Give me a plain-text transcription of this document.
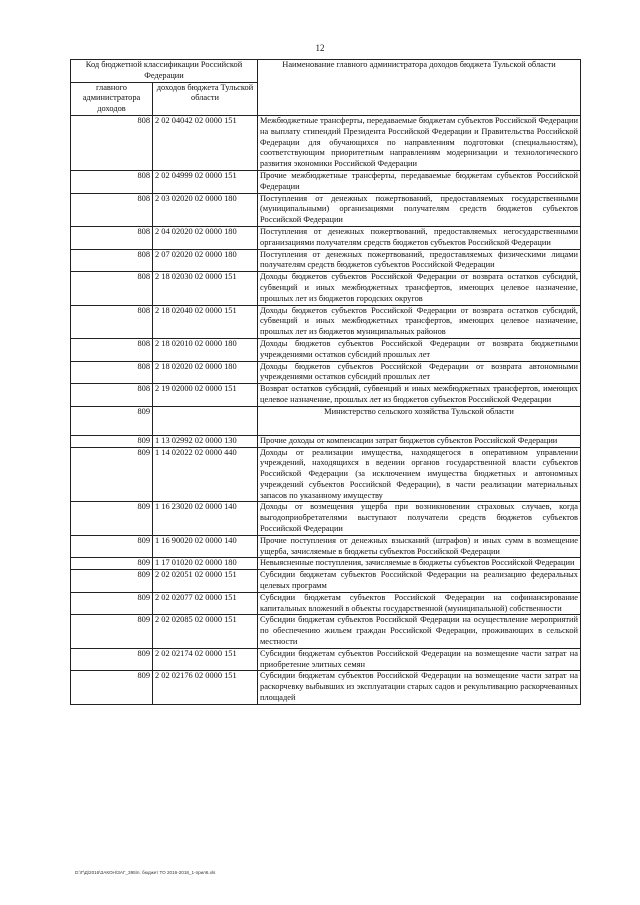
12
Код бюджетной классификации Российской Федерации		Наименование главного администратора доходов бюджета Тульской области
главного администратора доходов	доходов бюджета Тульской области	
808	2 02 04042 02 0000 151	Межбюджетные трансферты, передаваемые бюджетам субъектов Российской Федерации на выплату стипендий Президента Российской Федерации и Правительства Российской Федерации для обучающихся по направлениям подготовки (специальностям), соответствующим приоритетным направлениям модернизации и технологического развития экономики Российской Федерации
808	2 02 04999 02 0000 151	Прочие межбюджетные трансферты, передаваемые бюджетам субъектов Российской Федерации
808	2 03 02020 02 0000 180	Поступления от денежных пожертвований, предоставляемых государственными (муниципальными) организациями получателям средств бюджетов субъектов Российской Федерации
808	2 04 02020 02 0000 180	Поступления от денежных пожертвований, предоставляемых негосударственными организациями получателям средств бюджетов субъектов Российской Федерации
808	2 07 02020 02 0000 180	Поступления от денежных пожертвований, предоставляемых физическими лицами получателям средств бюджетов субъектов Российской Федерации
808	2 18 02030 02 0000 151	Доходы бюджетов субъектов Российской Федерации от возврата остатков субсидий, субвенций и иных межбюджетных трансфертов, имеющих целевое назначение, прошлых лет из бюджетов городских округов
808	2 18 02040 02 0000 151	Доходы бюджетов субъектов Российской Федерации от возврата остатков субсидий, субвенций и иных межбюджетных трансфертов, имеющих целевое назначение, прошлых лет из бюджетов муниципальных районов
808	2 18 02010 02 0000 180	Доходы бюджетов субъектов Российской Федерации от возврата бюджетными учреждениями остатков субсидий прошлых лет
808	2 18 02020 02 0000 180	Доходы бюджетов субъектов Российской Федерации от возврата автономными учреждениями остатков субсидий прошлых лет
808	2 19 02000 02 0000 151	Возврат остатков субсидий, субвенций и иных межбюджетных трансфертов, имеющих целевое назначение, прошлых лет из бюджетов субъектов Российской Федерации
809		Министерство сельского хозяйства Тульской области
809	1 13 02992 02 0000 130	Прочие доходы от компенсации затрат бюджетов субъектов Российской Федерации
809	1 14 02022 02 0000 440	Доходы от реализации имущества, находящегося в оперативном управлении учреждений, находящихся в ведении органов государственной власти субъектов Российской Федерации (за исключением имущества бюджетных и автономных учреждений субъектов Российской Федерации), в части реализации материальных запасов по указанному имуществу
809	1 16 23020 02 0000 140	Доходы от возмещения ущерба при возникновении страховых случаев, когда выгодоприобретателями выступают получатели средств бюджетов субъектов Российской Федерации
809	1 16 90020 02 0000 140	Прочие поступления от денежных взысканий (штрафов) и иных сумм в возмещение ущерба, зачисляемые в бюджеты субъектов Российской Федерации
809	1 17 01020 02 0000 180	Невыясненные поступления, зачисляемые в бюджеты субъектов Российской Федерации
809	2 02 02051 02 0000 151	Субсидии бюджетам субъектов Российской Федерации на реализацию федеральных целевых программ
809	2 02 02077 02 0000 151	Субсидии бюджетам субъектов Российской Федерации на софинансирование капитальных вложений в объекты государственной (муниципальной) собственности
809	2 02 02085 02 0000 151	Субсидии бюджетам субъектов Российской Федерации на осуществление мероприятий по обеспечению жильем граждан Российской Федерации, проживающих в сельской местности
809	2 02 02174 02 0000 151	Субсидии бюджетам субъектов Российской Федерации на возмещение части затрат на приобретение элитных семян
809	2 02 02176 02 0000 151	Субсидии бюджетам субъектов Российской Федерации на возмещение части затрат на раскорчевку выбывших из эксплуатации старых садов и рекультивацию раскорчеванных площадей
D:\Г\Д\2016\ЗАКОН\ЗАГ_395\п. бюджет ТО 2016-2018_1-прил6.xls
